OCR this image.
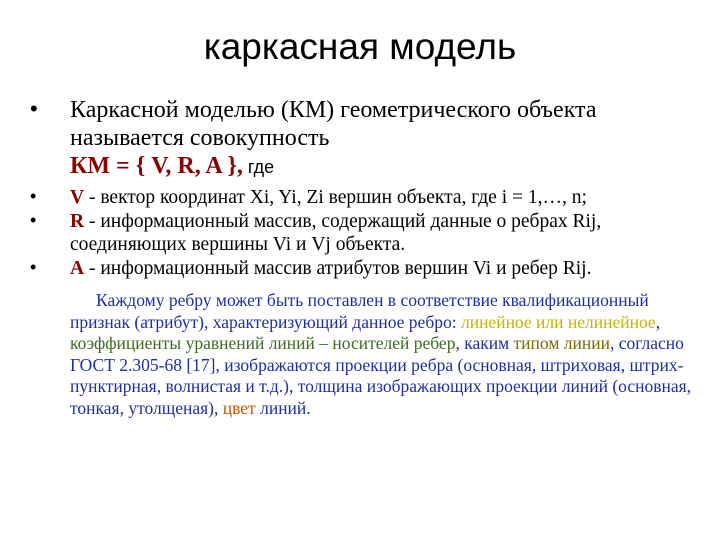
каркасная модель
• Каркасной моделью (КМ) геометрического объекта называется совокупность
КМ = { V, R, A }, где
• V - вектор координат Xi, Yi, Zi вершин объекта, где i = 1,…, n;
• R - информационный массив, содержащий данные о ребрах Rij, соединяющих вершины Vi и Vj объекта.
• A - информационный массив атрибутов вершин Vi и ребер Rij.
Каждому ребру может быть поставлен в соответствие квалификационный признак (атрибут), характеризующий данное ребро: линейное или нелинейное, коэффициенты уравнений линий – носителей ребер, каким типом линии, согласно ГОСТ 2.305-68 [17], изображаются проекции ребра (основная, штриховая, штрих-пунктирная, волнистая и т.д.), толщина изображающих проекции линий (основная, тонкая, утолщеная), цвет линий.
